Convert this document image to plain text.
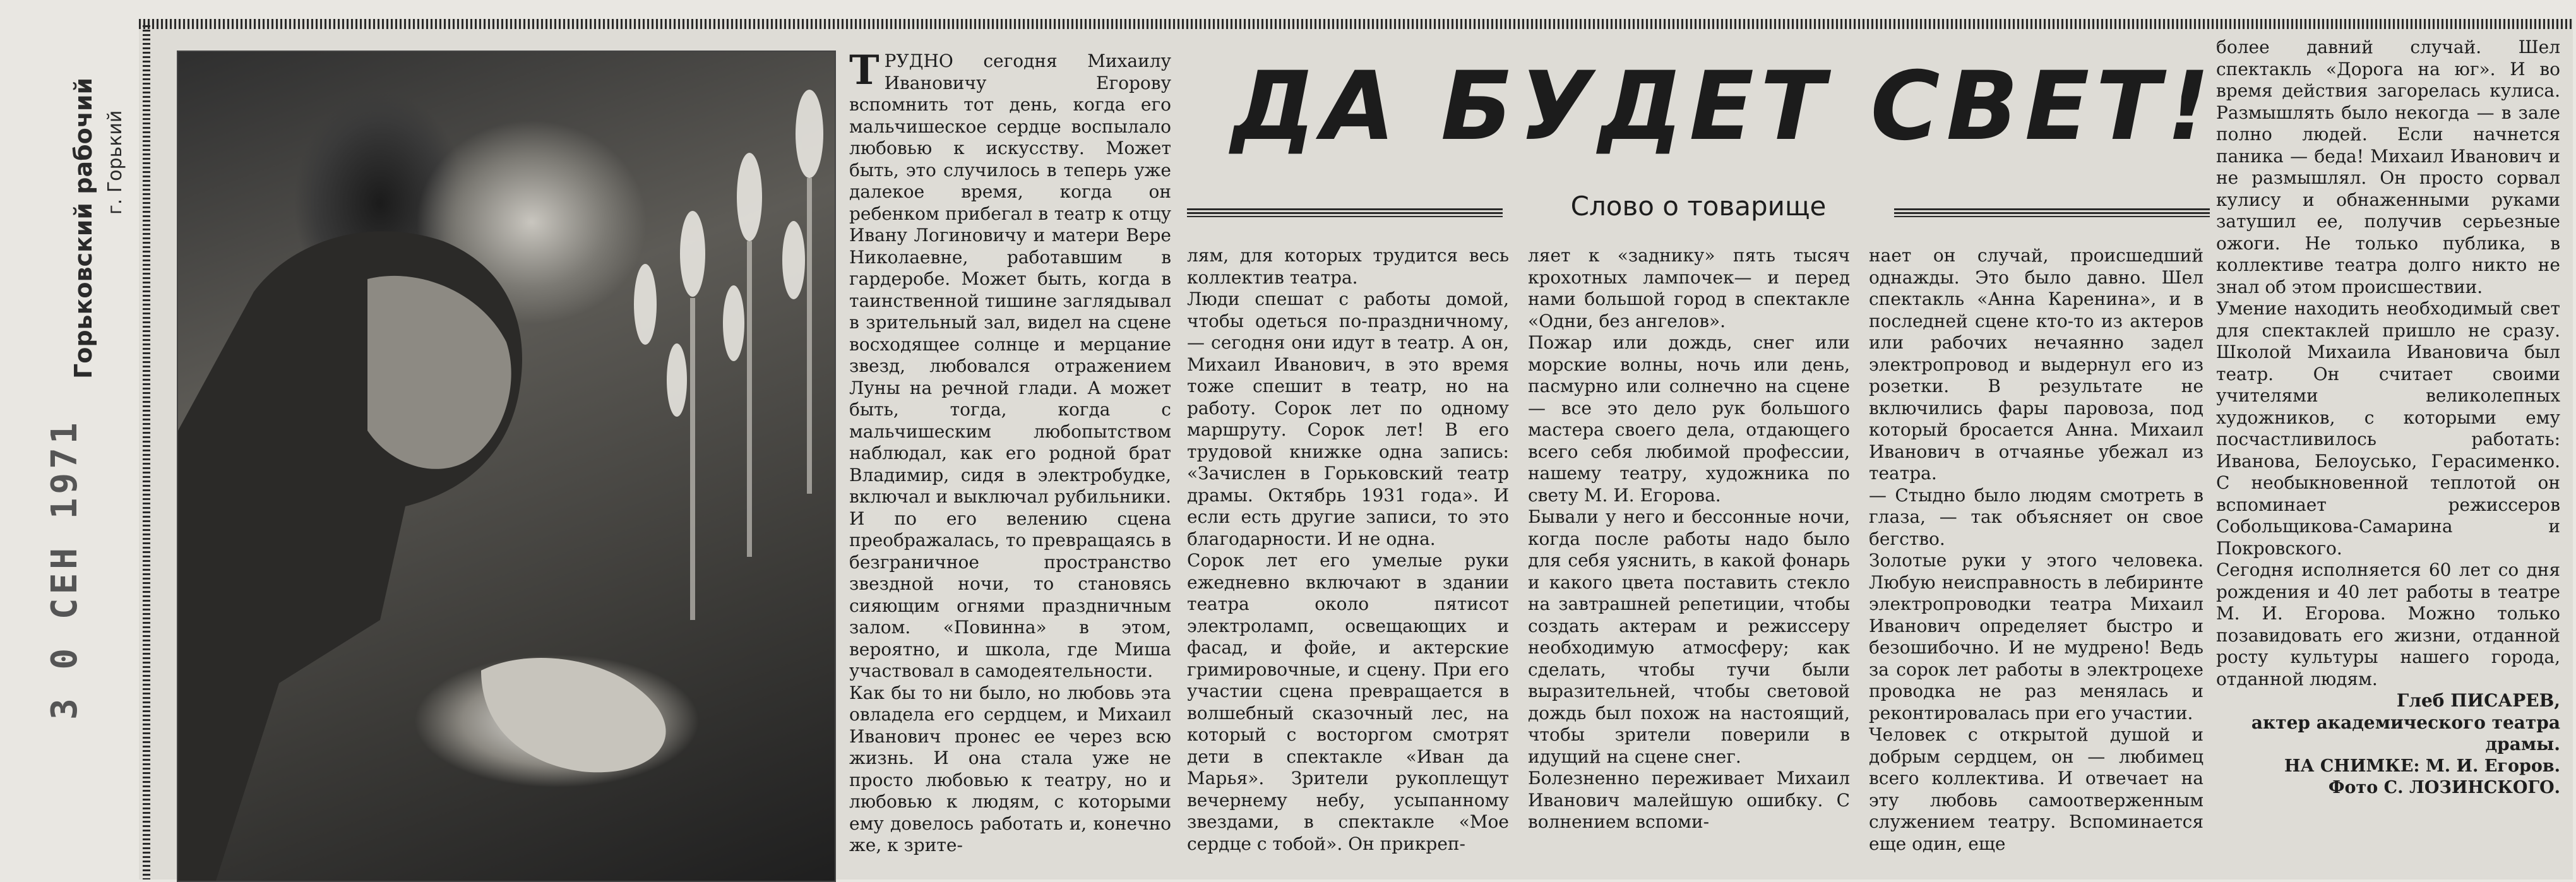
Горьковский рабочий г. Горький
3 0 СЕН 1971
Т РУДНО сегодня Михаилу Ивановичу Егорову вспомнить тот день, когда его мальчишеское сердце воспылало любовью к искусству. Может быть, это случилось в теперь уже далекое время, когда он ребенком прибегал в театр к отцу Ивану Логиновичу и матери Вере Николаевне, работавшим в гардеробе. Может быть, когда в таинственной тишине заглядывал в зрительный зал, видел на сцене восходящее солнце и мерцание звезд, любовался отражением Луны на речной глади. А может быть, тогда, когда с мальчишеским любопытством наблюдал, как его родной брат Владимир, сидя в электробудке, включал и выключал рубильники. И по его велению сцена преображалась, то превращаясь в безграничное пространство звездной ночи, то становясь сияющим огнями праздничным залом. «Повинна» в этом, вероятно, и школа, где Миша участвовал в самодеятельности.
Как бы то ни было, но любовь эта овладела его сердцем, и Михаил Иванович пронес ее через всю жизнь. И она стала уже не просто любовью к театру, но и любовью к людям, с которыми ему довелось работать и, конечно же, к зрите-

ДА БУДЕТ СВЕТ!
Слово о товарище

лям, для которых трудится весь коллектив театра.
Люди спешат с работы домой, чтобы одеться по-праздничному,— сегодня они идут в театр. А он, Михаил Иванович, в это время тоже спешит в театр, но на работу. Сорок лет по одному маршруту. Сорок лет! В его трудовой книжке одна запись: «Зачислен в Горьковский театр драмы. Октябрь 1931 года». И если есть другие записи, то это благодарности. И не одна.
Сорок лет его умелые руки ежедневно включают в здании театра около пятисот электроламп, освещающих и фасад, и фойе, и актерские гримировочные, и сцену. При его участии сцена превращается в волшебный сказочный лес, на который с восторгом смотрят дети в спектакле «Иван да Марья». Зрители рукоплещут вечернему небу, усыпанному звездами, в спектакле «Мое сердце с тобой». Он прикреп-

ляет к «заднику» пять тысяч крохотных лампочек— и перед нами большой город в спектакле «Одни, без ангелов».
Пожар или дождь, снег или морские волны, ночь или день, пасмурно или солнечно на сцене — все это дело рук большого мастера своего дела, отдающего всего себя любимой профессии, нашему театру, художника по свету М. И. Егорова.
Бывали у него и бессонные ночи, когда после работы надо было для себя уяснить, в какой фонарь и какого цвета поставить стекло на завтрашней репетиции, чтобы создать актерам и режиссеру необходимую атмосферу; как сделать, чтобы тучи были выразительней, чтобы световой дождь был похож на настоящий, чтобы зрители поверили в идущий на сцене снег.
Болезненно переживает Михаил Иванович малейшую ошибку. С волнением вспоми-

нает он случай, происшедший однажды. Это было давно. Шел спектакль «Анна Каренина», и в последней сцене кто-то из актеров или рабочих нечаянно задел электропровод и выдернул его из розетки. В результате не включились фары паровоза, под который бросается Анна. Михаил Иванович в отчаянье убежал из театра.
— Стыдно было людям смотреть в глаза, — так объясняет он свое бегство.
Золотые руки у этого человека. Любую неисправность в лебиринте электропроводки театра Михаил Иванович определяет быстро и безошибочно. И не мудрено! Ведь за сорок лет работы в электроцехе проводка не раз менялась и реконтировалась при его участии.
Человек с открытой душой и добрым сердцем, он — любимец всего коллектива. И отвечает на эту любовь самоотверженным служением театру. Вспоминается еще один, еще

более давний случай. Шел спектакль «Дорога на юг». И во время действия загорелась кулиса. Размышлять было некогда — в зале полно людей. Если начнется паника — беда! Михаил Иванович и не размышлял. Он просто сорвал кулису и обнаженными руками затушил ее, получив серьезные ожоги. Не только публика, в коллективе театра долго никто не знал об этом происшествии.
Умение находить необходимый свет для спектаклей пришло не сразу. Школой Михаила Ивановича был театр. Он считает своими учителями великолепных художников, с которыми ему посчастливилось работать: Иванова, Белоусько, Герасименко. С необыкновенной теплотой он вспоминает режиссеров Собольщикова-Самарина и Покровского.
Сегодня исполняется 60 лет со дня рождения и 40 лет работы в театре М. И. Егорова. Можно только позавидовать его жизни, отданной росту культуры нашего города, отданной людям.

Глеб ПИСАРЕВ,
актер академического театра драмы.
НА СНИМКЕ: М. И. Егоров.
Фото С. ЛОЗИНСКОГО.
